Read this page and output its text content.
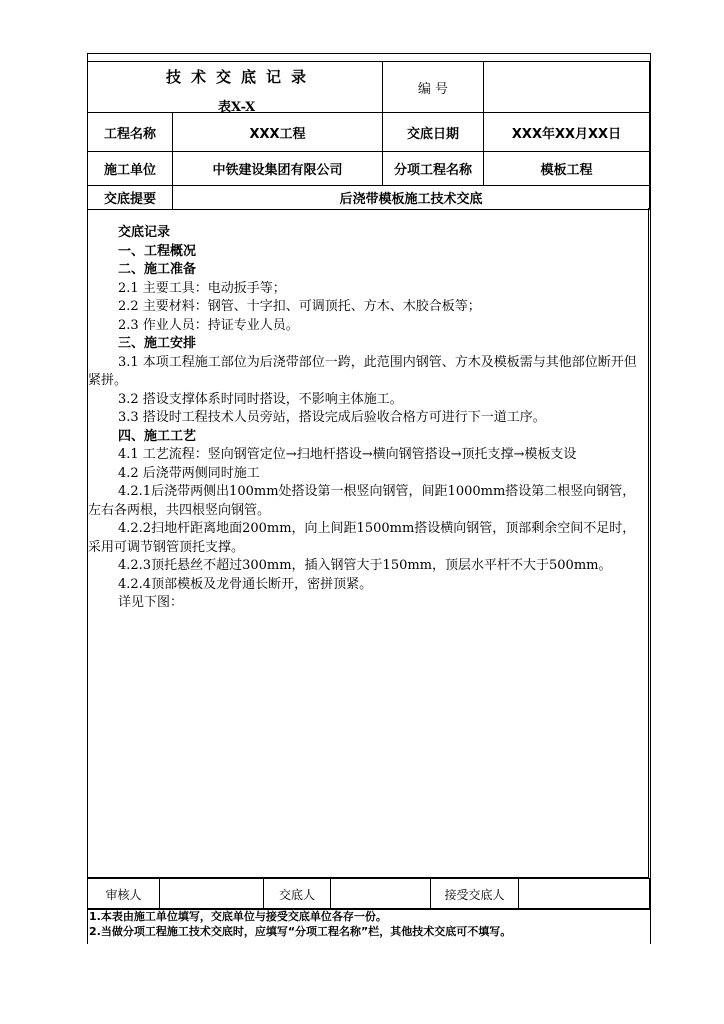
技术交底记录
表X-X		编 号	
工程名称	XXX工程	交底日期	XXX年XX月XX日
施工单位	中铁建设集团有限公司	分项工程名称	模板工程
交底提要	后浇带模板施工技术交底		

交底记录

一、工程概况

二、施工准备

2.1 主要工具：电动扳手等；

2.2 主要材料：钢管、十字扣、可调顶托、方木、木胶合板等；

2.3 作业人员：持证专业人员。

三、施工安排

3.1 本项工程施工部位为后浇带部位一跨，此范围内钢管、方木及模板需与其他部位断开但紧拼。

3.2 搭设支撑体系时同时搭设，不影响主体施工。

3.3 搭设时工程技术人员旁站，搭设完成后验收合格方可进行下一道工序。

四、施工工艺

4.1 工艺流程：竖向钢管定位→扫地杆搭设→横向钢管搭设→顶托支撑→模板支设

4.2 后浇带两侧同时施工

4.2.1后浇带两侧出100mm处搭设第一根竖向钢管，间距1000mm搭设第二根竖向钢管，左右各两根，共四根竖向钢管。

4.2.2扫地杆距离地面200mm，向上间距1500mm搭设横向钢管，顶部剩余空间不足时，采用可调节钢管顶托支撑。

4.2.3顶托悬丝不超过300mm，插入钢管大于150mm，顶层水平杆不大于500mm。

4.2.4顶部模板及龙骨通长断开，密拼顶紧。

详见下图：

审核人		交底人		接受交底人	
1.本表由施工单位填写，交底单位与接受交底单位各存一份。
2.当做分项工程施工技术交底时，应填写“分项工程名称”栏，其他技术交底可不填写。
